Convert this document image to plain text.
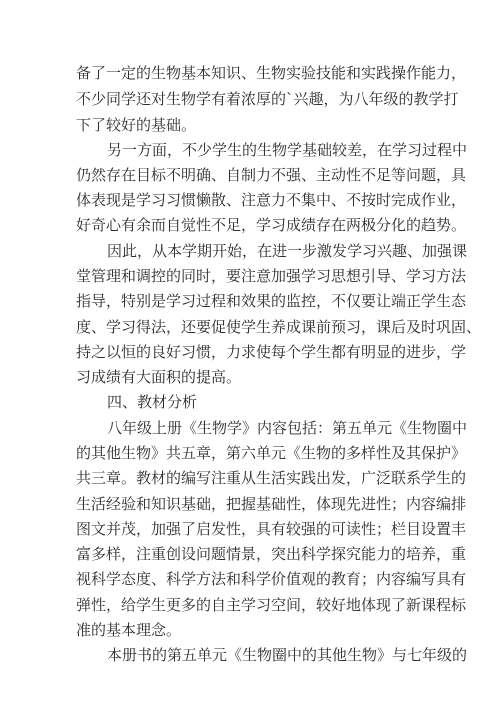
备了一定的生物基本知识、生物实验技能和实践操作能力，
不少同学还对生物学有着浓厚的`兴趣，为八年级的教学打
下了较好的基础。
另一方面，不少学生的生物学基础较差，在学习过程中
仍然存在目标不明确、自制力不强、主动性不足等问题，具
体表现是学习习惯懒散、注意力不集中、不按时完成作业，
好奇心有余而自觉性不足，学习成绩存在两极分化的趋势。
因此，从本学期开始，在进一步激发学习兴趣、加强课
堂管理和调控的同时，要注意加强学习思想引导、学习方法
指导，特别是学习过程和效果的监控，不仅要让端正学生态
度、学习得法，还要促使学生养成课前预习，课后及时巩固、
持之以恒的良好习惯，力求使每个学生都有明显的进步，学
习成绩有大面积的提高。
四、教材分析
八年级上册《生物学》内容包括：第五单元《生物圈中
的其他生物》共五章，第六单元《生物的多样性及其保护》
共三章。教材的编写注重从生活实践出发，广泛联系学生的
生活经验和知识基础，把握基础性，体现先进性；内容编排
图文并茂，加强了启发性，具有较强的可读性；栏目设置丰
富多样，注重创设问题情景，突出科学探究能力的培养，重
视科学态度、科学方法和科学价值观的教育；内容编写具有
弹性，给学生更多的自主学习空间，较好地体现了新课程标
准的基本理念。
本册书的第五单元《生物圈中的其他生物》与七年级的
